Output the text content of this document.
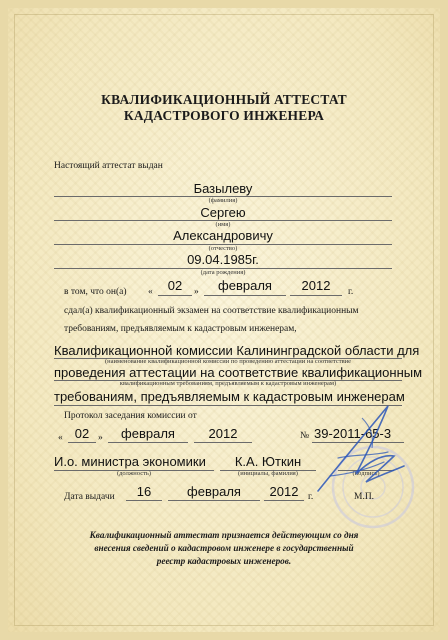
КВАЛИФИКАЦИОННЫЙ АТТЕСТАТ
КАДАСТРОВОГО ИНЖЕНЕРА
Настоящий аттестат выдан
Базылеву
(фамилия)
Сергею
(имя)
Александровичу
(отчество)
09.04.1985г.
(дата рождения)
в том, что он(а) «	02	»	февраля	2012	г.
сдал(а) квалификационный экзамен на соответствие квалификационным
требованиям, предъявляемым к кадастровым инженерам,
Квалификационной комиссии Калининградской области для
(наименование квалификационной комиссии по проведению аттестации на соответствие
проведения аттестации на соответствие квалификационным
квалификационным требованиям, предъявляемым к кадастровым инженерам)
требованиям, предъявляемым к кадастровым инженерам
Протокол заседания комиссии от
« 02 »	февраля	2012	№ 39-2011-65-3
И.о. министра экономики
(должность)
К.А. Юткин
(инициалы, фамилия)	(подпись)
Дата выдачи	16	февраля	2012	г.	М.П.
Квалификационный аттестат признается действующим со дня
внесения сведений о кадастровом инженере в государственный
реестр кадастровых инженеров.
